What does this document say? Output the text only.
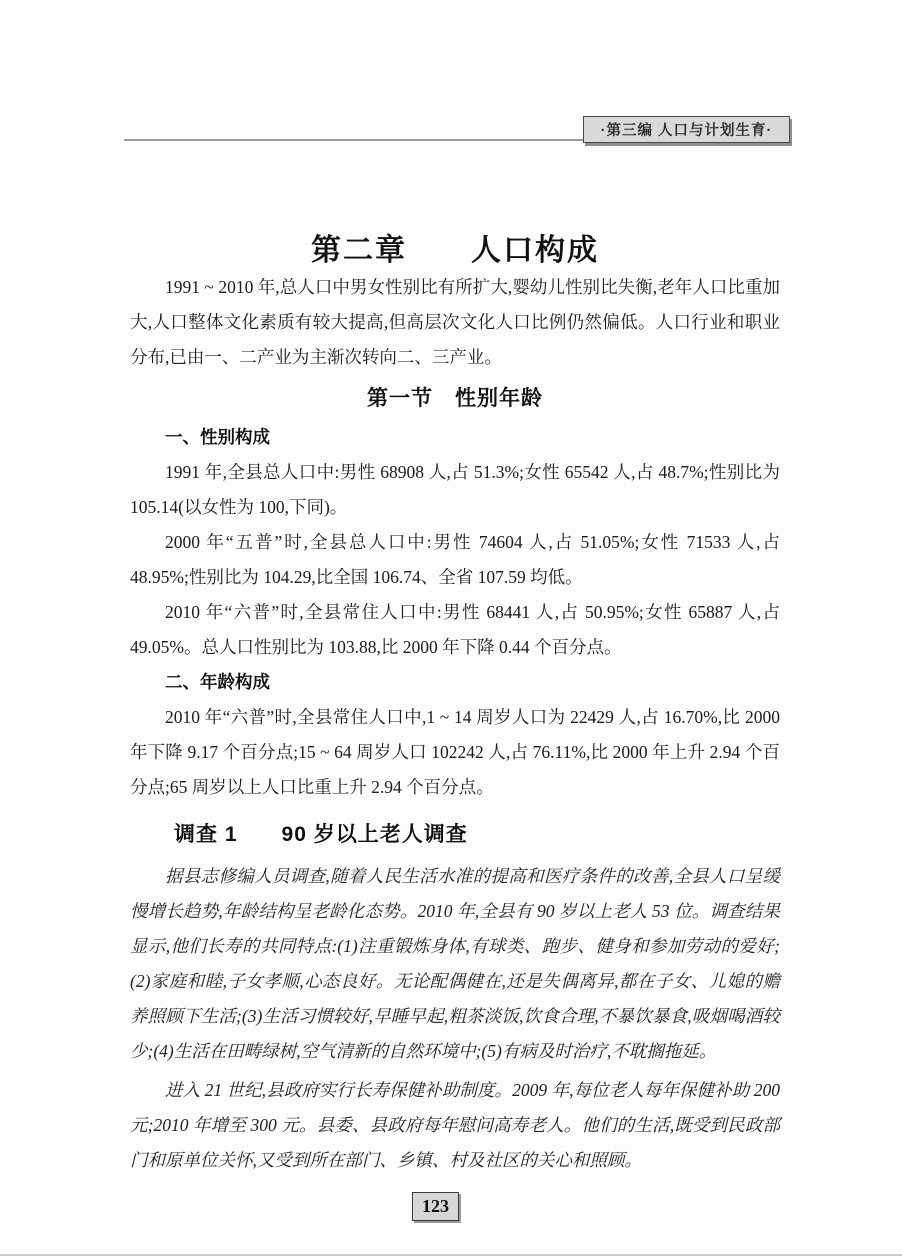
·第三编 人口与计划生育·
第二章　　人口构成

1991 ~ 2010 年,总人口中男女性别比有所扩大,婴幼儿性别比失衡,老年人口比重加大,人口整体文化素质有较大提高,但高层次文化人口比例仍然偏低。人口行业和职业分布,已由一、二产业为主渐次转向二、三产业。

第一节　性别年龄

一、性别构成

1991 年,全县总人口中:男性 68908 人,占 51.3%;女性 65542 人,占 48.7%;性别比为 105.14(以女性为 100,下同)。

2000 年“五普”时,全县总人口中:男性 74604 人,占 51.05%;女性 71533 人,占 48.95%;性别比为 104.29,比全国 106.74、全省 107.59 均低。

2010 年“六普”时,全县常住人口中:男性 68441 人,占 50.95%;女性 65887 人,占 49.05%。总人口性别比为 103.88,比 2000 年下降 0.44 个百分点。

二、年龄构成

2010 年“六普”时,全县常住人口中,1 ~ 14 周岁人口为 22429 人,占 16.70%,比 2000 年下降 9.17 个百分点;15 ~ 64 周岁人口 102242 人,占 76.11%,比 2000 年上升 2.94 个百分点;65 周岁以上人口比重上升 2.94 个百分点。

调查 1　　90 岁以上老人调查

据县志修编人员调查,随着人民生活水准的提高和医疗条件的改善,全县人口呈缓慢增长趋势,年龄结构呈老龄化态势。2010 年,全县有 90 岁以上老人 53 位。调查结果显示,他们长寿的共同特点:(1)注重锻炼身体,有球类、跑步、健身和参加劳动的爱好;(2)家庭和睦,子女孝顺,心态良好。无论配偶健在,还是失偶离异,都在子女、儿媳的赡养照顾下生活;(3)生活习惯较好,早睡早起,粗茶淡饭,饮食合理,不暴饮暴食,吸烟喝酒较少;(4)生活在田畴绿树,空气清新的自然环境中;(5)有病及时治疗,不耽搁拖延。

进入 21 世纪,县政府实行长寿保健补助制度。2009 年,每位老人每年保健补助 200 元;2010 年增至 300 元。县委、县政府每年慰问高寿老人。他们的生活,既受到民政部门和原单位关怀,又受到所在部门、乡镇、村及社区的关心和照顾。

123
